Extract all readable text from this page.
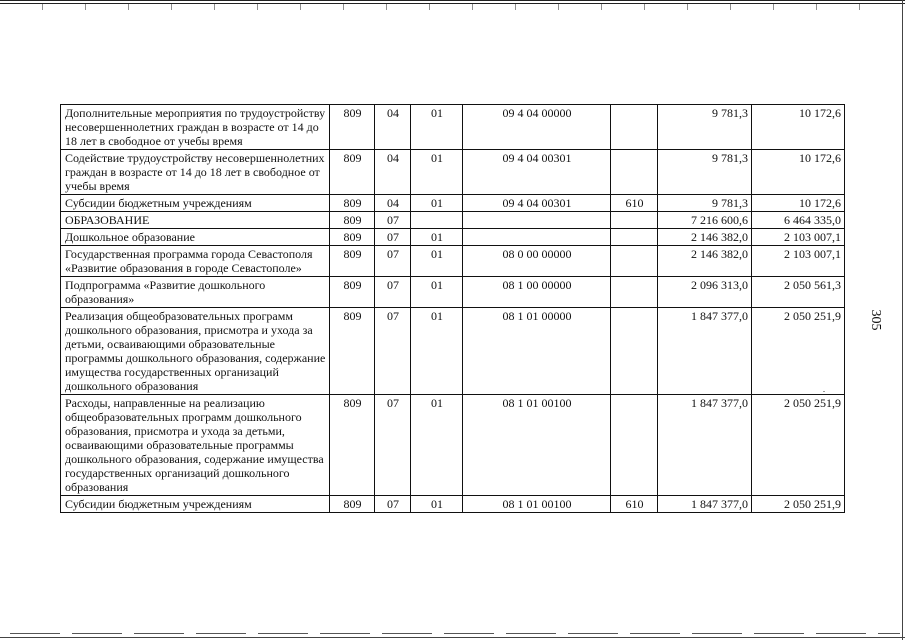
305
Дополнительные мероприятия по трудоустройству несовершеннолетних граждан в возрасте от 14 до 18 лет в свободное от учебы время	809	04	01	09 4 04 00000		9 781,3	10 172,6
Содействие трудоустройству несовершеннолетних граждан в возрасте от 14 до 18 лет в свободное от учебы время	809	04	01	09 4 04 00301		9 781,3	10 172,6
Субсидии бюджетным учреждениям	809	04	01	09 4 04 00301	610	9 781,3	10 172,6
ОБРАЗОВАНИЕ	809	07				7 216 600,6	6 464 335,0
Дошкольное образование	809	07	01			2 146 382,0	2 103 007,1
Государственная программа города Севастополя «Развитие образования в городе Севастополе»	809	07	01	08 0 00 00000		2 146 382,0	2 103 007,1
Подпрограмма «Развитие дошкольного образования»	809	07	01	08 1 00 00000		2 096 313,0	2 050 561,3
Реализация общеобразовательных программ дошкольного образования, присмотра и ухода за детьми, осваивающими образовательные программы дошкольного образования, содержание имущества государственных организаций дошкольного образования	809	07	01	08 1 01 00000		1 847 377,0	2 050 251,9
Расходы, направленные на реализацию общеобразовательных программ дошкольного образования, присмотра и ухода за детьми, осваивающими образовательные программы дошкольного образования, содержание имущества государственных организаций дошкольного образования	809	07	01	08 1 01 00100		1 847 377,0	2 050 251,9
Субсидии бюджетным учреждениям	809	07	01	08 1 01 00100	610	1 847 377,0	2 050 251,9
